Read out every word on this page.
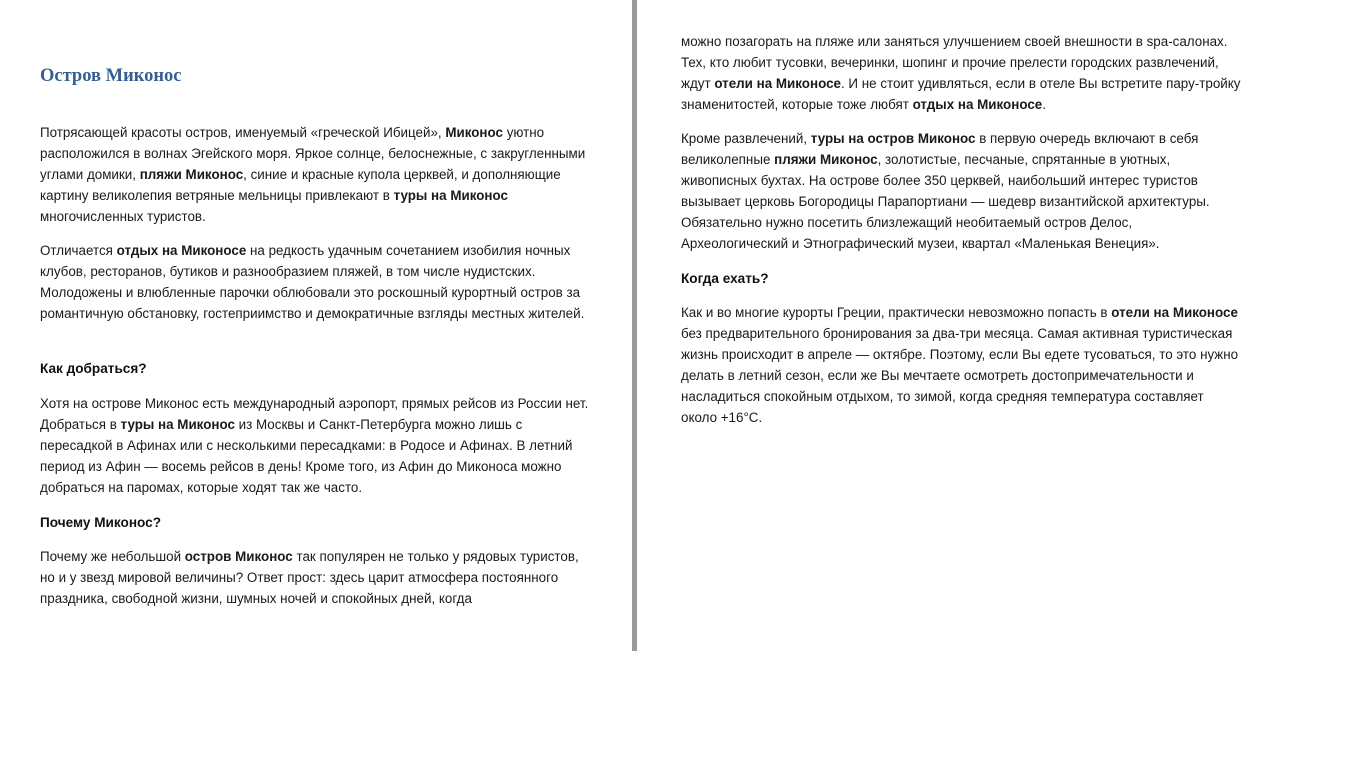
Остров Миконос

Потрясающей красоты остров, именуемый «греческой Ибицей», Миконос уютно расположился в волнах Эгейского моря. Яркое солнце, белоснежные, с закругленными углами домики, пляжи Миконос, синие и красные купола церквей, и дополняющие картину великолепия ветряные мельницы привлекают в туры на Миконос многочисленных туристов.

Отличается отдых на Миконосе на редкость удачным сочетанием изобилия ночных клубов, ресторанов, бутиков и разнообразием пляжей, в том числе нудистских. Молодожены и влюбленные парочки облюбовали это роскошный курортный остров за романтичную обстановку, гостеприимство и демократичные взгляды местных жителей.

Как добраться?

Хотя на острове Миконос есть международный аэропорт, прямых рейсов из России нет. Добраться в туры на Миконос из Москвы и Санкт-Петербурга можно лишь с пересадкой в Афинах или с несколькими пересадками: в Родосе и Афинах. В летний период из Афин — восемь рейсов в день! Кроме того, из Афин до Миконоса можно добраться на паромах, которые ходят так же часто.

Почему Миконос?

Почему же небольшой остров Миконос так популярен не только у рядовых туристов, но и у звезд мировой величины? Ответ прост: здесь царит атмосфера постоянного праздника, свободной жизни, шумных ночей и спокойных дней, когда

можно позагорать на пляже или заняться улучшением своей внешности в spa-салонах. Тех, кто любит тусовки, вечеринки, шопинг и прочие прелести городских развлечений, ждут отели на Миконосе. И не стоит удивляться, если в отеле Вы встретите пару-тройку знаменитостей, которые тоже любят отдых на Миконосе.

Кроме развлечений, туры на остров Миконос в первую очередь включают в себя великолепные пляжи Миконос, золотистые, песчаные, спрятанные в уютных, живописных бухтах. На острове более 350 церквей, наибольший интерес туристов вызывает церковь Богородицы Парапортиани — шедевр византийской архитектуры. Обязательно нужно посетить близлежащий необитаемый остров Делос, Археологический и Этнографический музеи, квартал «Маленькая Венеция».

Когда ехать?

Как и во многие курорты Греции, практически невозможно попасть в отели на Миконосе без предварительного бронирования за два-три месяца. Самая активная туристическая жизнь происходит в апреле — октябре. Поэтому, если Вы едете тусоваться, то это нужно делать в летний сезон, если же Вы мечтаете осмотреть достопримечательности и насладиться спокойным отдыхом, то зимой, когда средняя температура составляет около +16°C.
